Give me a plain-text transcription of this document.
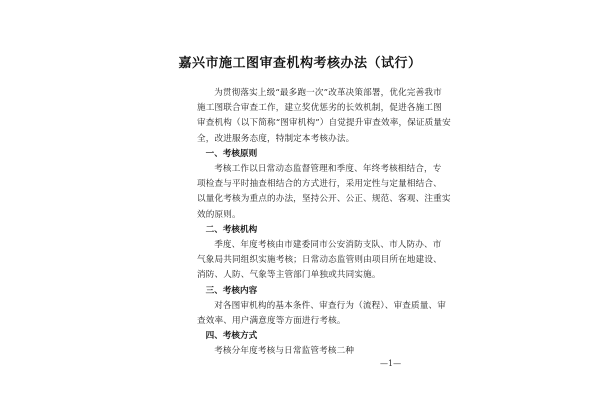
嘉兴市施工图审查机构考核办法（试行）
为贯彻落实上级“最多跑一次”改革决策部署，优化完善我市
施工图联合审查工作，建立奖优惩劣的长效机制，促进各施工图
审查机构（以下简称“图审机构”）自觉提升审查效率，保证质量安
全，改进服务态度，特制定本考核办法。
一、考核原则
考核工作以日常动态监督管理和季度、年终考核相结合，专
项检查与平时抽查相结合的方式进行，采用定性与定量相结合、
以量化考核为重点的办法，坚持公开、公正、规范、客观、注重实
效的原则。
二、考核机构
季度、年度考核由市建委同市公安消防支队、市人防办、市
气象局共同组织实施考核；日常动态监管则由项目所在地建设、
消防、人防、气象等主管部门单独或共同实施。
三、考核内容
对各图审机构的基本条件、审查行为（流程）、审查质量、审
查效率、用户满意度等方面进行考核。
四、考核方式
考核分年度考核与日常监管考核二种
—1—
